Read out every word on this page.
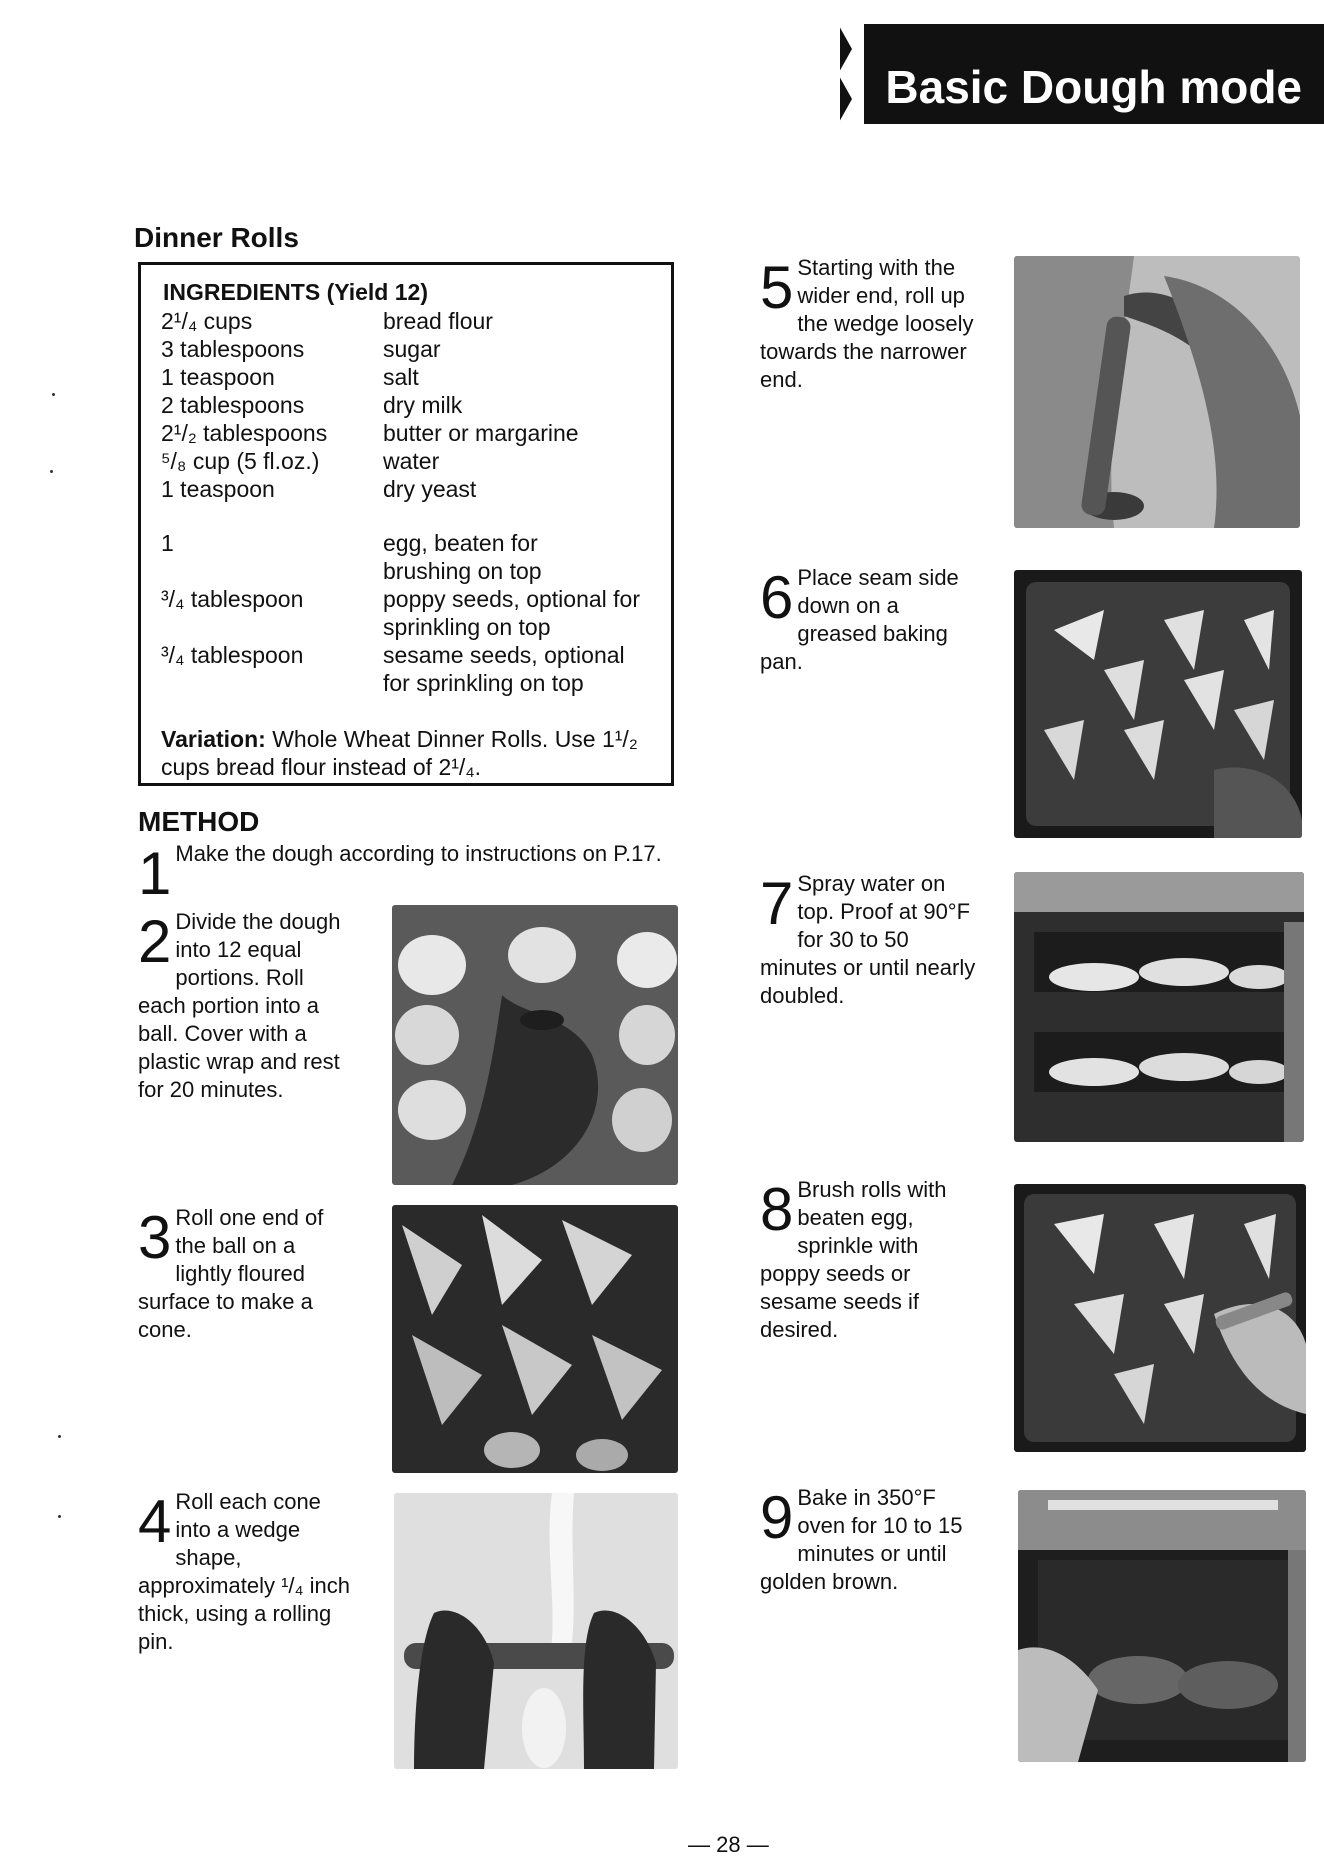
Basic Dough mode
Dinner Rolls
INGREDIENTS (Yield 12)
2¹/₄ cups	bread flour
3 tablespoons	sugar
1 teaspoon	salt
2 tablespoons	dry milk
2¹/₂ tablespoons	butter or margarine
⁵/₈ cup (5 fl.oz.)	water
1 teaspoon	dry yeast
1	egg, beaten for brushing on top
³/₄ tablespoon	poppy seeds, optional for sprinkling on top
³/₄ tablespoon	sesame seeds, optional for sprinkling on top
Variation: Whole Wheat Dinner Rolls. Use 1¹/₂ cups bread flour instead of 2¹/₄.
METHOD
1 Make the dough according to instructions on P.17.
2 Divide the dough into 12 equal portions. Roll each portion into a ball. Cover with a plastic wrap and rest for 20 minutes.
3 Roll one end of the ball on a lightly floured surface to make a cone.
4 Roll each cone into a wedge shape, approximately ¹/₄ inch thick, using a rolling pin.
5 Starting with the wider end, roll up the wedge loosely towards the narrower end.
6 Place seam side down on a greased baking pan.
7 Spray water on top. Proof at 90°F for 30 to 50 minutes or until nearly doubled.
8 Brush rolls with beaten egg, sprinkle with poppy seeds or sesame seeds if desired.
9 Bake in 350°F oven for 10 to 15 minutes or until golden brown.
— 28 —
